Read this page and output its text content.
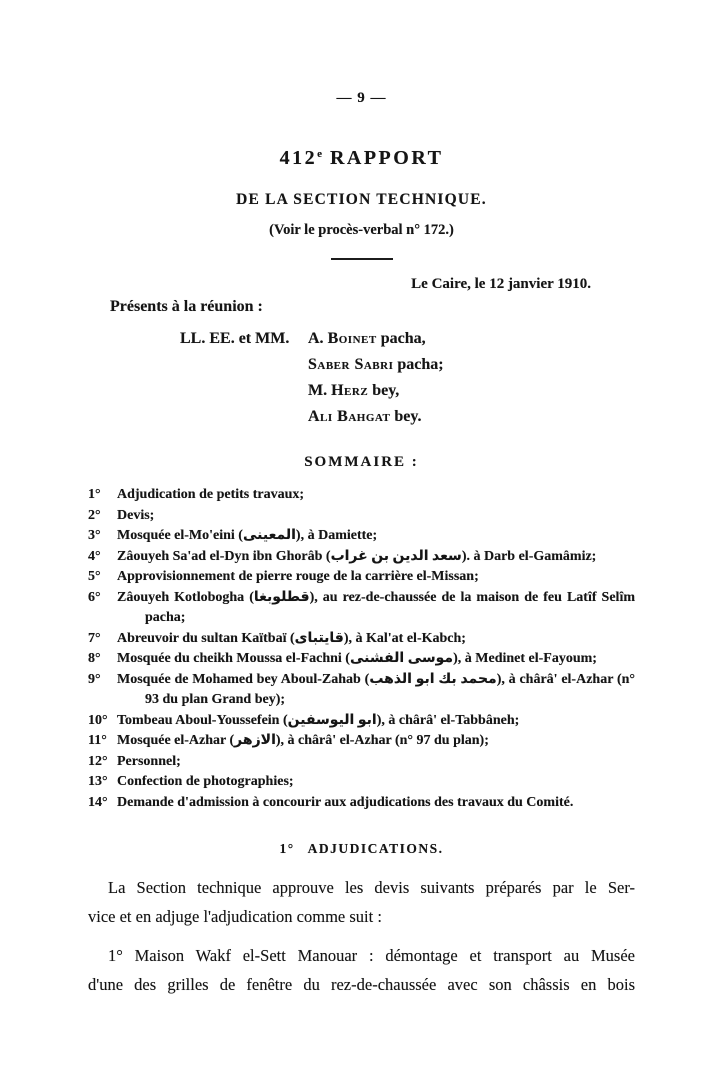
— 9 —
412e RAPPORT
DE LA SECTION TECHNIQUE.
(Voir le procès-verbal n° 172.)
Le Caire, le 12 janvier 1910.
Présents à la réunion :
LL. EE. et MM.	A. Boinet pacha,
Saber Sabri pacha;
M. Herz bey,
Ali Bahgat bey.
SOMMAIRE :
1°	Adjudication de petits travaux;
2°	Devis;
3°	Mosquée el-Mo'eini (المعينى), à Damiette;
4°	Zâouyeh Sa'ad el-Dyn ibn Ghorâb (سعد الدين بن غراب). à Darb el-Gamâmiz;
5°	Approvisionnement de pierre rouge de la carrière el-Missan;
6°	Zâouyeh Kotlobogha (قطلوبغا), au rez-de-chaussée de la maison de feu Latîf Selîm pacha;
7°	Abreuvoir du sultan Kaïtbaï (قايتباى), à Kal'at el-Kabch;
8°	Mosquée du cheikh Moussa el-Fachni (موسى الفشنى), à Medinet el-Fayoum;
9°	Mosquée de Mohamed bey Aboul-Zahab (محمد بك ابو الذهب), à chârâ' el-Azhar (n° 93 du plan Grand bey);
10° Tombeau Aboul-Youssefein (ابو اليوسفين), à chârâ' el-Tabbâneh;
11° Mosquée el-Azhar (الازهر), à chârâ' el-Azhar (n° 97 du plan);
12° Personnel;
13° Confection de photographies;
14° Demande d'admission à concourir aux adjudications des travaux du Comité.
1° ADJUDICATIONS.
La Section technique approuve les devis suivants préparés par le Ser-
vice et en adjuge l'adjudication comme suit :
1° Maison Wakf el-Sett Manouar : démontage et transport au Musée
d'une des grilles de fenêtre du rez-de-chaussée avec son châssis en bois
